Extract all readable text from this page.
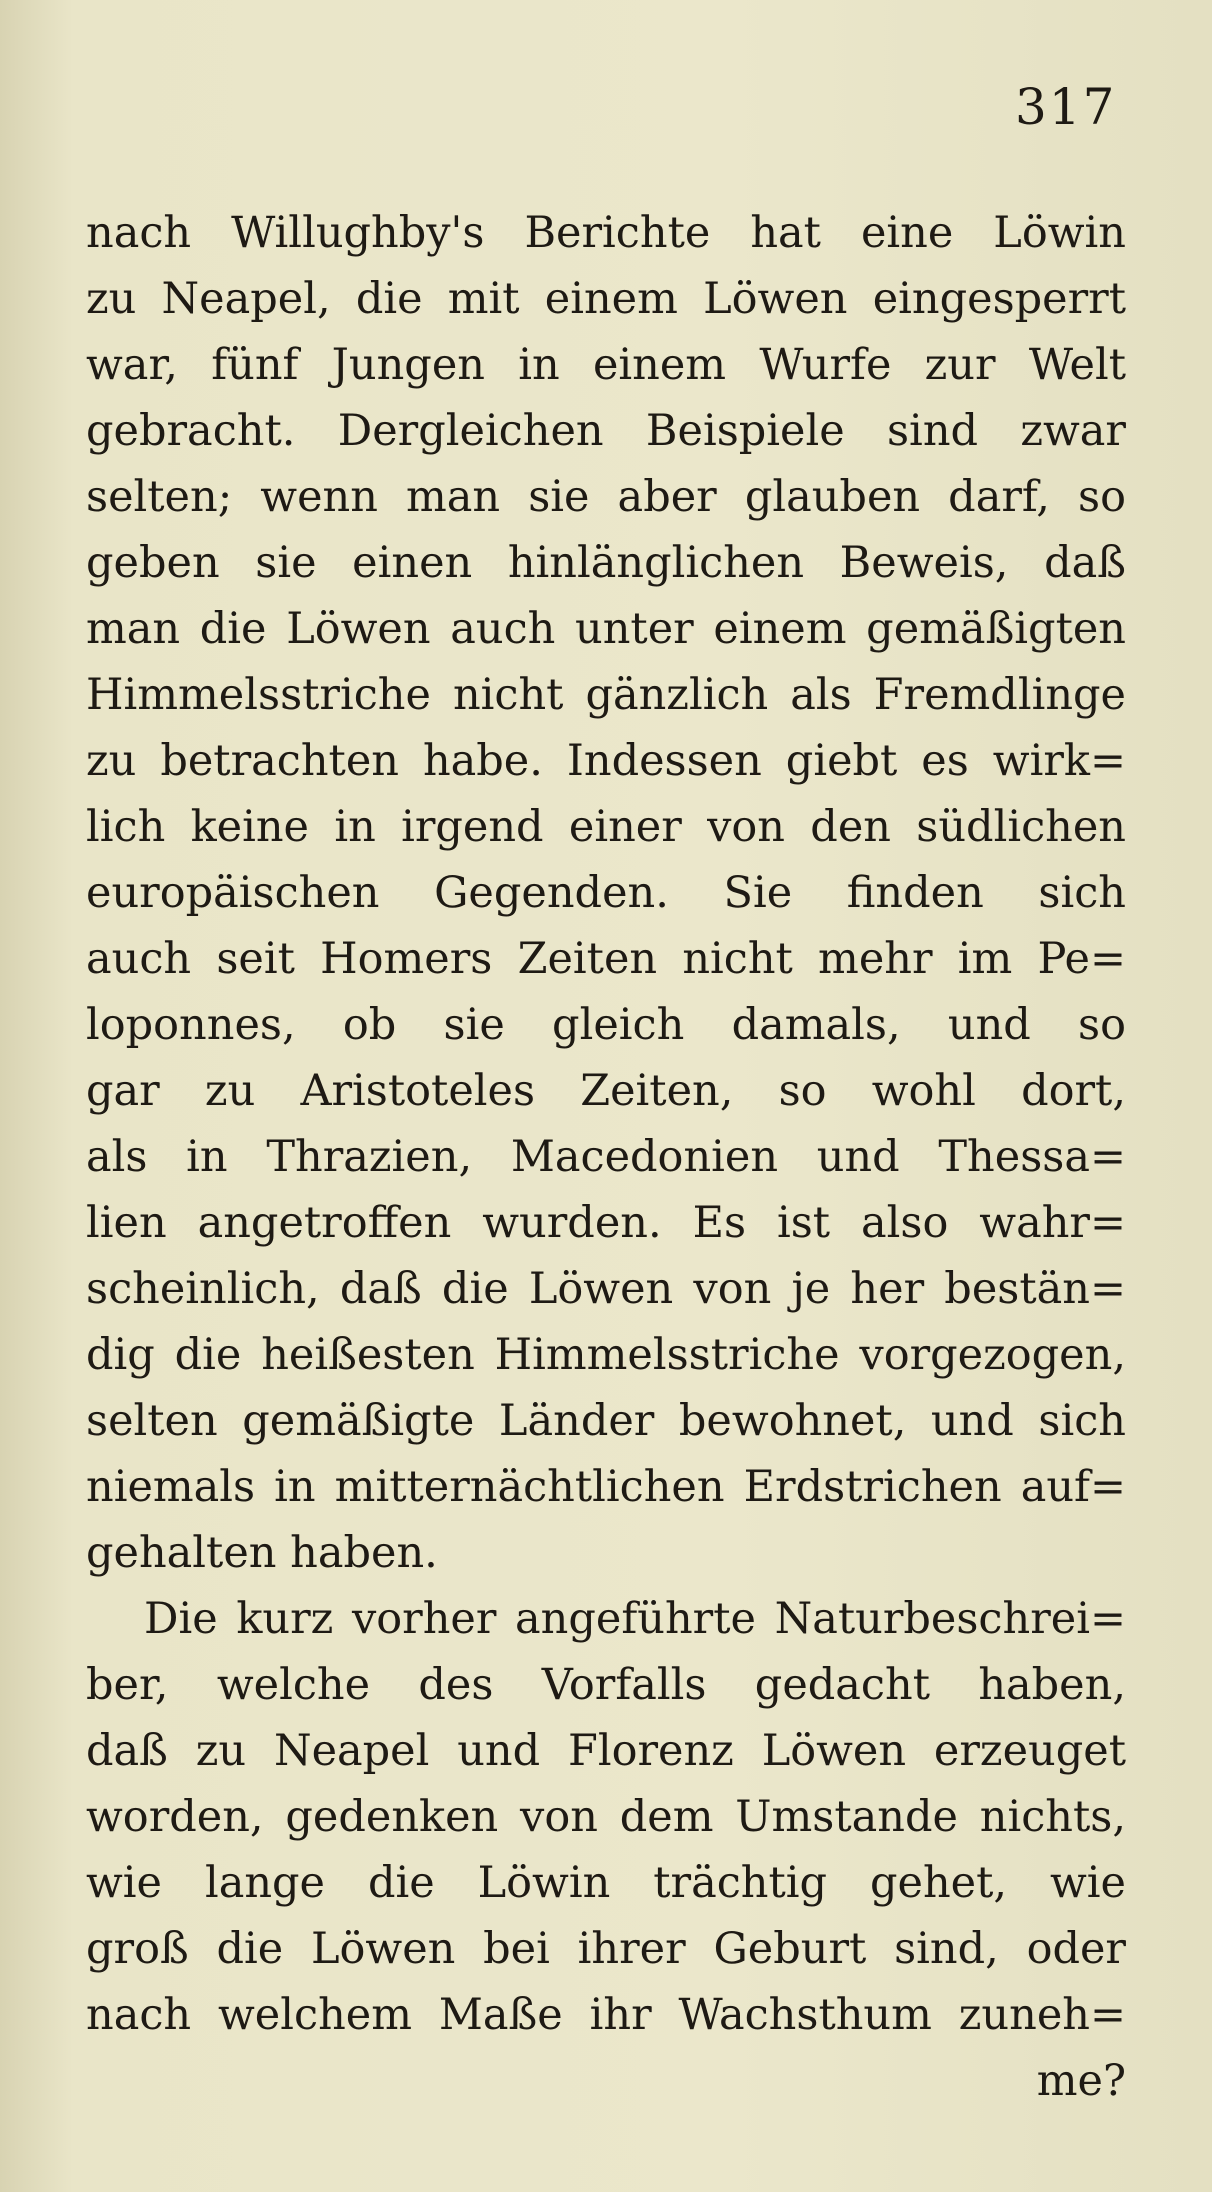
317
nach Willughby's Berichte hat eine Löwin
zu Neapel, die mit einem Löwen eingesperrt
war, fünf Jungen in einem Wurfe zur Welt
gebracht. Dergleichen Beispiele sind zwar
selten; wenn man sie aber glauben darf, so
geben sie einen hinlänglichen Beweis, daß
man die Löwen auch unter einem gemäßigten
Himmelsstriche nicht gänzlich als Fremdlinge
zu betrachten habe. Indessen giebt es wirk=
lich keine in irgend einer von den südlichen
europäischen Gegenden. Sie finden sich
auch seit Homers Zeiten nicht mehr im Pe=
loponnes, ob sie gleich damals, und so
gar zu Aristoteles Zeiten, so wohl dort,
als in Thrazien, Macedonien und Thessa=
lien angetroffen wurden. Es ist also wahr=
scheinlich, daß die Löwen von je her bestän=
dig die heißesten Himmelsstriche vorgezogen,
selten gemäßigte Länder bewohnet, und sich
niemals in mitternächtlichen Erdstrichen auf=
gehalten haben.
Die kurz vorher angeführte Naturbeschrei=
ber, welche des Vorfalls gedacht haben,
daß zu Neapel und Florenz Löwen erzeuget
worden, gedenken von dem Umstande nichts,
wie lange die Löwin trächtig gehet, wie
groß die Löwen bei ihrer Geburt sind, oder
nach welchem Maße ihr Wachsthum zuneh=
me?
